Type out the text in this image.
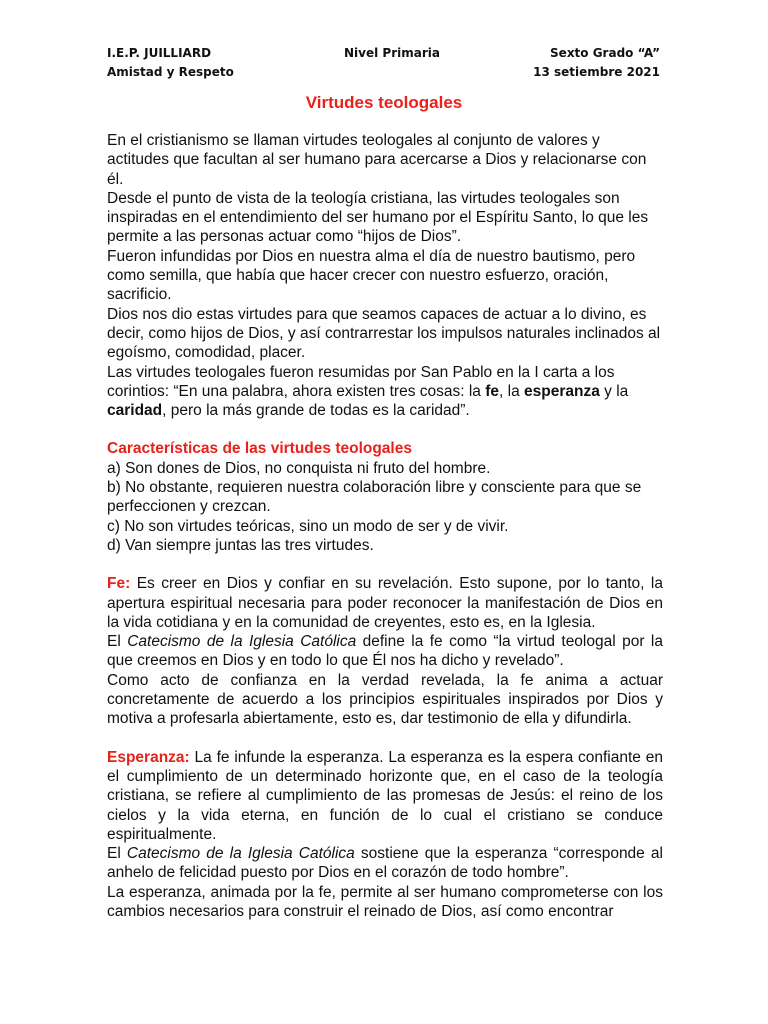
I.E.P. JUILLIARD
Amistad y Respeto
Nivel Primaria	Sexto Grado “A”
13 setiembre 2021
Virtudes teologales

En el cristianismo se llaman virtudes teologales al conjunto de valores y actitudes que facultan al ser humano para acercarse a Dios y relacionarse con él.

Desde el punto de vista de la teología cristiana, las virtudes teologales son inspiradas en el entendimiento del ser humano por el Espíritu Santo, lo que les permite a las personas actuar como “hijos de Dios”.

Fueron infundidas por Dios en nuestra alma el día de nuestro bautismo, pero como semilla, que había que hacer crecer con nuestro esfuerzo, oración, sacrificio.

Dios nos dio estas virtudes para que seamos capaces de actuar a lo divino, es decir, como hijos de Dios, y así contrarrestar los impulsos naturales inclinados al egoísmo, comodidad, placer.

Las virtudes teologales fueron resumidas por San Pablo en la I carta a los corintios: “En una palabra, ahora existen tres cosas: la fe, la esperanza y la caridad, pero la más grande de todas es la caridad”.

Características de las virtudes teologales

a) Son dones de Dios, no conquista ni fruto del hombre.

b) No obstante, requieren nuestra colaboración libre y consciente para que se perfeccionen y crezcan.

c) No son virtudes teóricas, sino un modo de ser y de vivir.

d) Van siempre juntas las tres virtudes.

Fe: Es creer en Dios y confiar en su revelación. Esto supone, por lo tanto, la apertura espiritual necesaria para poder reconocer la manifestación de Dios en la vida cotidiana y en la comunidad de creyentes, esto es, en la Iglesia.

El Catecismo de la Iglesia Católica define la fe como “la virtud teologal por la que creemos en Dios y en todo lo que Él nos ha dicho y revelado”.

Como acto de confianza en la verdad revelada, la fe anima a actuar concretamente de acuerdo a los principios espirituales inspirados por Dios y motiva a profesarla abiertamente, esto es, dar testimonio de ella y difundirla.

Esperanza: La fe infunde la esperanza. La esperanza es la espera confiante en el cumplimiento de un determinado horizonte que, en el caso de la teología cristiana, se refiere al cumplimiento de las promesas de Jesús: el reino de los cielos y la vida eterna, en función de lo cual el cristiano se conduce espiritualmente.

El Catecismo de la Iglesia Católica sostiene que la esperanza “corresponde al anhelo de felicidad puesto por Dios en el corazón de todo hombre”.

La esperanza, animada por la fe, permite al ser humano comprometerse con los cambios necesarios para construir el reinado de Dios, así como encontrar
